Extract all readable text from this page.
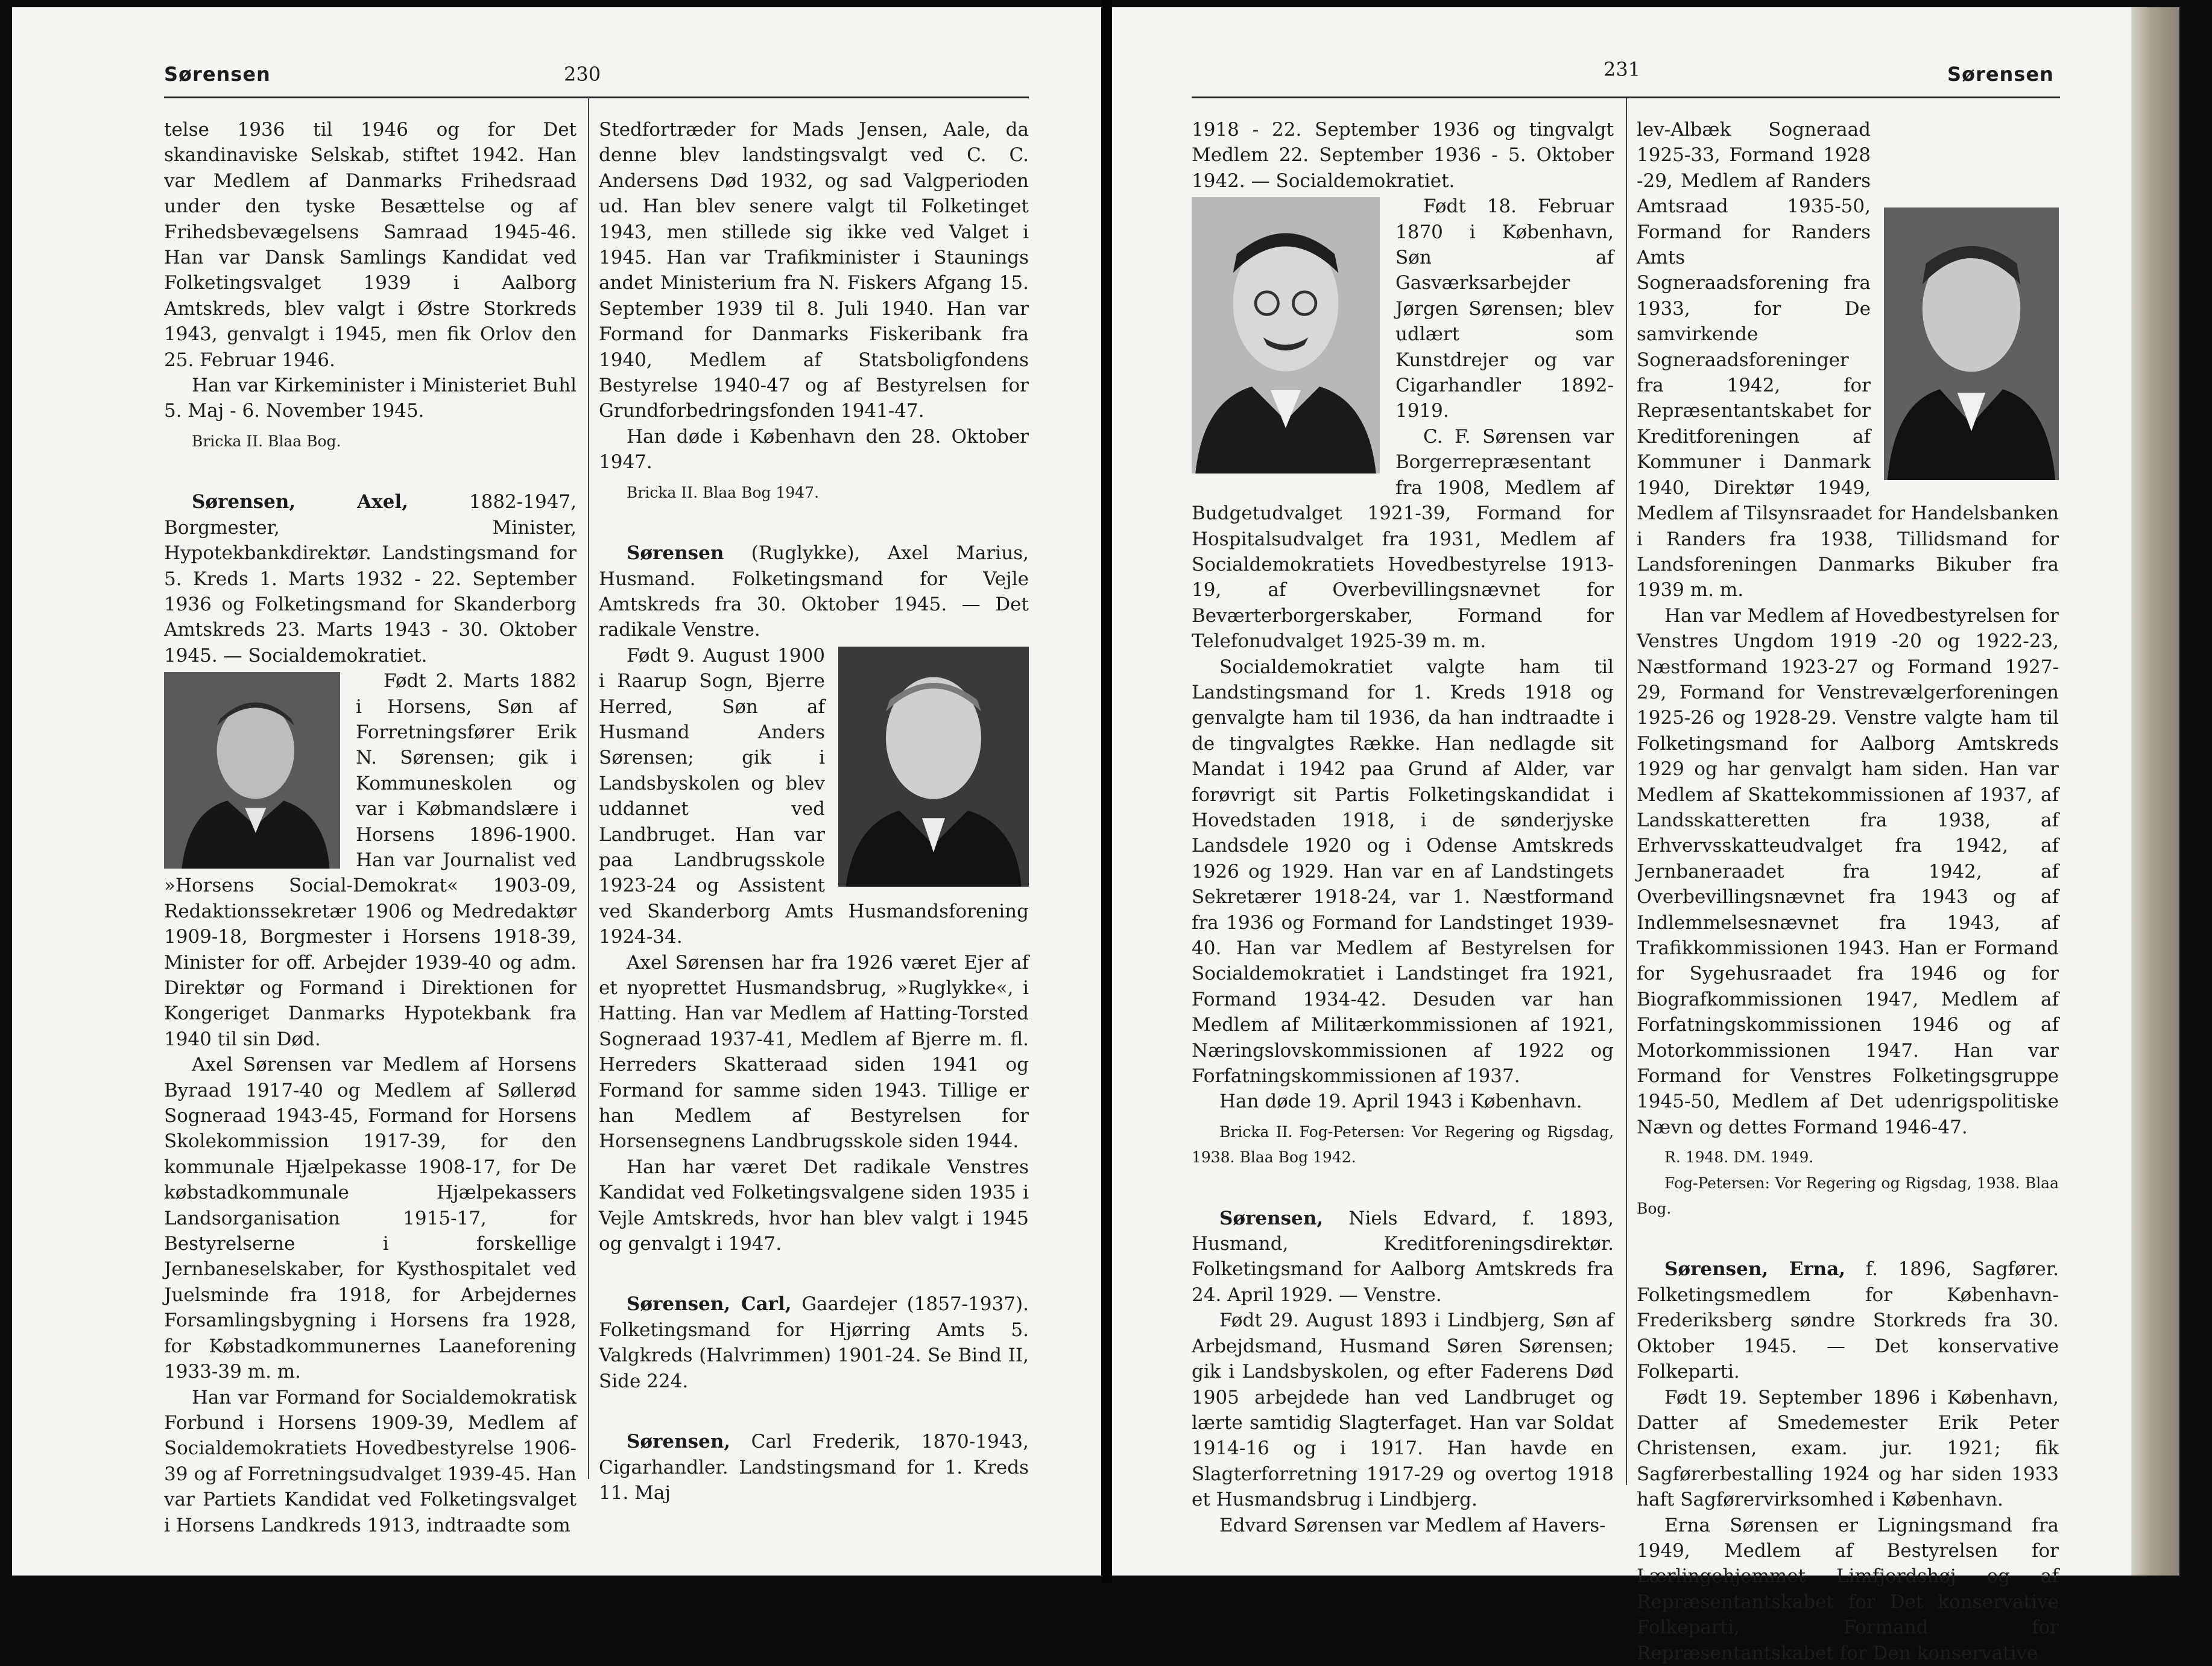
Sørensen	230

telse 1936 til 1946 og for Det skandinaviske Selskab, stiftet 1942. Han var Medlem af Danmarks Frihedsraad under den tyske Besættelse og af Frihedsbevægelsens Samraad 1945-46. Han var Dansk Samlings Kandidat ved Folketingsvalget 1939 i Aalborg Amtskreds, blev valgt i Østre Storkreds 1943, genvalgt i 1945, men fik Orlov den 25. Februar 1946.

Han var Kirkeminister i Ministeriet Buhl 5. Maj - 6. November 1945.

Bricka II. Blaa Bog.

Sørensen, Axel, 1882-1947, Borgmester, Minister, Hypotekbankdirektør. Landstingsmand for 5. Kreds 1. Marts 1932 - 22. September 1936 og Folketingsmand for Skanderborg Amtskreds 23. Marts 1943 - 30. Oktober 1945. — Socialdemokratiet.

Født 2. Marts 1882 i Horsens, Søn af Forretningsfører Erik N. Sørensen; gik i Kommuneskolen og var i Købmandslære i Horsens 1896-1900. Han var Journalist ved »Horsens Social-Demokrat« 1903-09, Redaktionssekretær 1906 og Medredaktør 1909-18, Borgmester i Horsens 1918-39, Minister for off. Arbejder 1939-40 og adm. Direktør og Formand i Direktionen for Kongeriget Danmarks Hypotekbank fra 1940 til sin Død.

Axel Sørensen var Medlem af Horsens Byraad 1917-40 og Medlem af Søllerød Sogneraad 1943-45, Formand for Horsens Skolekommission 1917-39, for den kommunale Hjælpekasse 1908-17, for De købstadkommunale Hjælpekassers Landsorganisation 1915-17, for Bestyrelserne i forskellige Jernbaneselskaber, for Kysthospitalet ved Juelsminde fra 1918, for Arbejdernes Forsamlingsbygning i Horsens fra 1928, for Købstadkommunernes Laaneforening 1933-39 m. m.

Han var Formand for Socialdemokratisk Forbund i Horsens 1909-39, Medlem af Socialdemokratiets Hovedbestyrelse 1906-39 og af Forretningsudvalget 1939-45. Han var Partiets Kandidat ved Folketingsvalget i Horsens Landkreds 1913, indtraadte som

Stedfortræder for Mads Jensen, Aale, da denne blev landstingsvalgt ved C. C. Andersens Død 1932, og sad Valgperioden ud. Han blev senere valgt til Folketinget 1943, men stillede sig ikke ved Valget i 1945. Han var Trafikminister i Staunings andet Ministerium fra N. Fiskers Afgang 15. September 1939 til 8. Juli 1940. Han var Formand for Danmarks Fiskeribank fra 1940, Medlem af Statsboligfondens Bestyrelse 1940-47 og af Bestyrelsen for Grundforbedringsfonden 1941-47.

Han døde i København den 28. Oktober 1947.

Bricka II. Blaa Bog 1947.

Sørensen (Ruglykke), Axel Marius, Husmand. Folketingsmand for Vejle Amtskreds fra 30. Oktober 1945. — Det radikale Venstre.

Født 9. August 1900 i Raarup Sogn, Bjerre Herred, Søn af Husmand Anders Sørensen; gik i Landsbyskolen og blev uddannet ved Landbruget. Han var paa Landbrugsskole 1923-24 og Assistent ved Skanderborg Amts Husmandsforening 1924-34.

Axel Sørensen har fra 1926 været Ejer af et nyoprettet Husmandsbrug, »Ruglykke«, i Hatting. Han var Medlem af Hatting-Torsted Sogneraad 1937-41, Medlem af Bjerre m. fl. Herreders Skatteraad siden 1941 og Formand for samme siden 1943. Tillige er han Medlem af Bestyrelsen for Horsensegnens Landbrugsskole siden 1944.

Han har været Det radikale Venstres Kandidat ved Folketingsvalgene siden 1935 i Vejle Amtskreds, hvor han blev valgt i 1945 og genvalgt i 1947.

Sørensen, Carl, Gaardejer (1857-1937). Folketingsmand for Hjørring Amts 5. Valgkreds (Halvrimmen) 1901-24. Se Bind II, Side 224.

Sørensen, Carl Frederik, 1870-1943, Cigarhandler. Landstingsmand for 1. Kreds 11. Maj

231	Sørensen

1918 - 22. September 1936 og tingvalgt Medlem 22. September 1936 - 5. Oktober 1942. — Socialdemokratiet.

Født 18. Februar 1870 i København, Søn af Gasværksarbejder Jørgen Sørensen; blev udlært som Kunstdrejer og var Cigarhandler 1892-1919.

C. F. Sørensen var Borgerrepræsentant fra 1908, Medlem af Budgetudvalget 1921-39, Formand for Hospitalsudvalget fra 1931, Medlem af Socialdemokratiets Hovedbestyrelse 1913-19, af Overbevillingsnævnet for Beværterborgerskaber, Formand for Telefonudvalget 1925-39 m. m.

Socialdemokratiet valgte ham til Landstingsmand for 1. Kreds 1918 og genvalgte ham til 1936, da han indtraadte i de tingvalgtes Række. Han nedlagde sit Mandat i 1942 paa Grund af Alder, var forøvrigt sit Partis Folketingskandidat i Hovedstaden 1918, i de sønderjyske Landsdele 1920 og i Odense Amtskreds 1926 og 1929. Han var en af Landstingets Sekretærer 1918-24, var 1. Næstformand fra 1936 og Formand for Landstinget 1939-40. Han var Medlem af Bestyrelsen for Socialdemokratiet i Landstinget fra 1921, Formand 1934-42. Desuden var han Medlem af Militærkommissionen af 1921, Næringslovskommissionen af 1922 og Forfatningskommissionen af 1937.

Han døde 19. April 1943 i København.

Bricka II. Fog-Petersen: Vor Regering og Rigsdag, 1938. Blaa Bog 1942.

Sørensen, Niels Edvard, f. 1893, Husmand, Kreditforeningsdirektør. Folketingsmand for Aalborg Amtskreds fra 24. April 1929. — Venstre.

Født 29. August 1893 i Lindbjerg, Søn af Arbejdsmand, Husmand Søren Sørensen; gik i Landsbyskolen, og efter Faderens Død 1905 arbejdede han ved Landbruget og lærte samtidig Slagterfaget. Han var Soldat 1914-16 og i 1917. Han havde en Slagterforretning 1917-29 og overtog 1918 et Husmandsbrug i Lindbjerg.

Edvard Sørensen var Medlem af Havers-

lev-Albæk Sogneraad 1925-33, Formand 1928 -29, Medlem af Randers Amtsraad 1935-50, Formand for Randers Amts Sogneraadsforening fra 1933, for De samvirkende Sogneraadsforeninger fra 1942, for Repræsentantskabet for Kreditforeningen af Kommuner i Danmark 1940, Direktør 1949, Medlem af Tilsynsraadet for Handelsbanken i Randers fra 1938, Tillidsmand for Landsforeningen Danmarks Bikuber fra 1939 m. m.

Han var Medlem af Hovedbestyrelsen for Venstres Ungdom 1919 -20 og 1922-23, Næstformand 1923-27 og Formand 1927-29, Formand for Venstrevælgerforeningen 1925-26 og 1928-29. Venstre valgte ham til Folketingsmand for Aalborg Amtskreds 1929 og har genvalgt ham siden. Han var Medlem af Skattekommissionen af 1937, af Landsskatteretten fra 1938, af Erhvervsskatteudvalget fra 1942, af Jernbaneraadet fra 1942, af Overbevillingsnævnet fra 1943 og af Indlemmelsesnævnet fra 1943, af Trafikkommissionen 1943. Han er Formand for Sygehusraadet fra 1946 og for Biografkommissionen 1947, Medlem af Forfatningskommissionen 1946 og af Motorkommissionen 1947. Han var Formand for Venstres Folketingsgruppe 1945-50, Medlem af Det udenrigspolitiske Nævn og dettes Formand 1946-47.

R. 1948. DM. 1949.

Fog-Petersen: Vor Regering og Rigsdag, 1938. Blaa Bog.

Sørensen, Erna, f. 1896, Sagfører. Folketingsmedlem for København-Frederiksberg søndre Storkreds fra 30. Oktober 1945. — Det konservative Folkeparti.

Født 19. September 1896 i København, Datter af Smedemester Erik Peter Christensen, exam. jur. 1921; fik Sagførerbestalling 1924 og har siden 1933 haft Sagførervirksomhed i København.

Erna Sørensen er Ligningsmand fra 1949, Medlem af Bestyrelsen for Lærlingehjemmet Limfjordshøj og af Repræsentantskabet for Det konservative Folkeparti, Formand for Repræsentantskabet for Den konservative
